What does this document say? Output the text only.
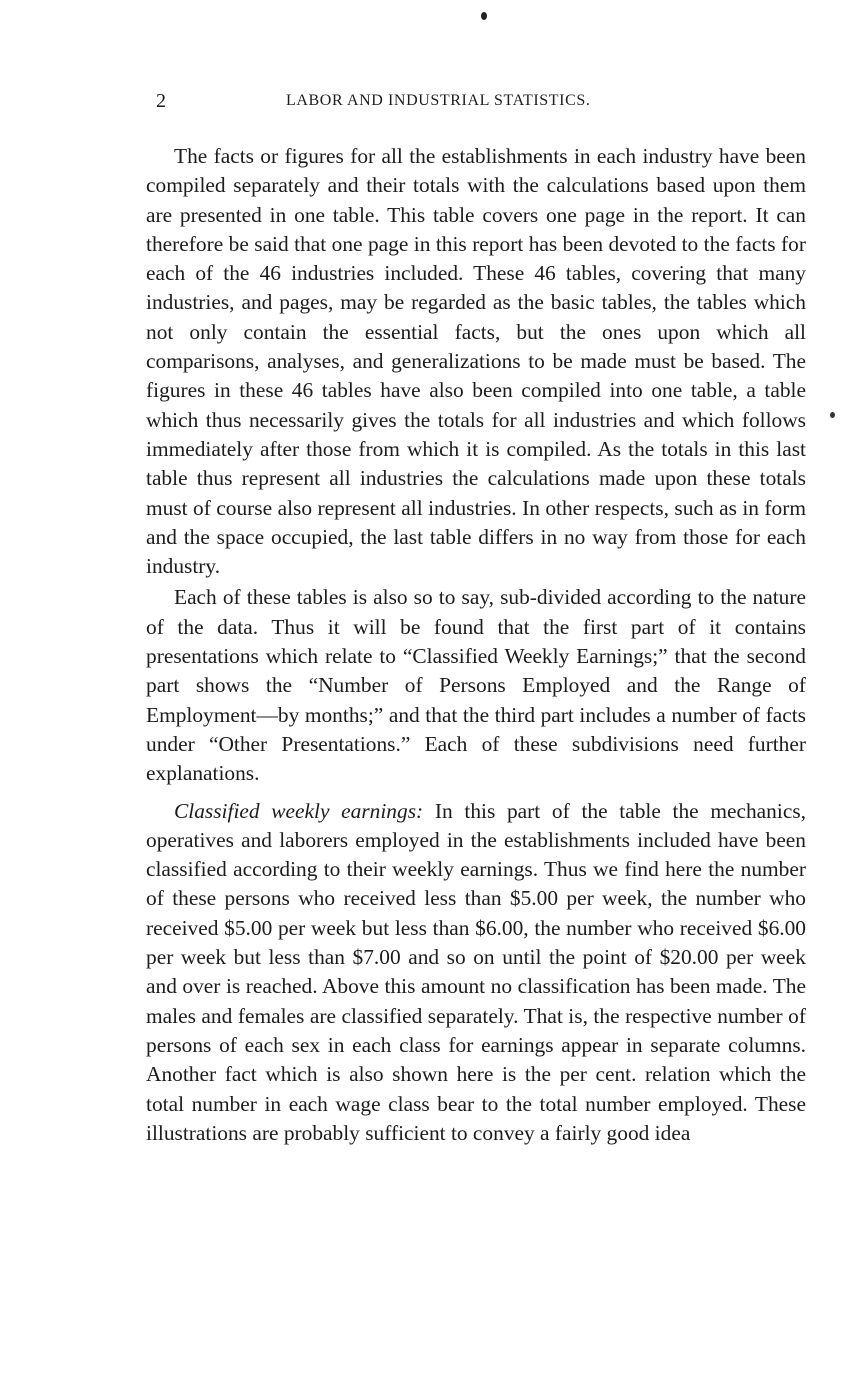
2	LABOR AND INDUSTRIAL STATISTICS.

The facts or figures for all the establishments in each industry have been compiled separately and their totals with the calculations based upon them are presented in one table. This table covers one page in the report. It can therefore be said that one page in this report has been devoted to the facts for each of the 46 industries included. These 46 tables, covering that many industries, and pages, may be regarded as the basic tables, the tables which not only contain the essential facts, but the ones upon which all comparisons, analyses, and generalizations to be made must be based. The figures in these 46 tables have also been compiled into one table, a table which thus necessarily gives the totals for all industries and which follows immediately after those from which it is compiled. As the totals in this last table thus represent all industries the calculations made upon these totals must of course also represent all industries. In other respects, such as in form and the space occupied, the last table differs in no way from those for each industry.

Each of these tables is also so to say, sub-divided according to the nature of the data. Thus it will be found that the first part of it contains presentations which relate to “Classified Weekly Earnings;” that the second part shows the “Number of Persons Employed and the Range of Employment—by months;” and that the third part includes a number of facts under “Other Presentations.” Each of these subdivisions need further explanations.

Classified weekly earnings: In this part of the table the mechanics, operatives and laborers employed in the establishments included have been classified according to their weekly earnings. Thus we find here the number of these persons who received less than $5.00 per week, the number who received $5.00 per week but less than $6.00, the number who received $6.00 per week but less than $7.00 and so on until the point of $20.00 per week and over is reached. Above this amount no classification has been made. The males and females are classified separately. That is, the respective number of persons of each sex in each class for earnings appear in separate columns. Another fact which is also shown here is the per cent. relation which the total number in each wage class bear to the total number employed. These illustrations are probably sufficient to convey a fairly good idea
